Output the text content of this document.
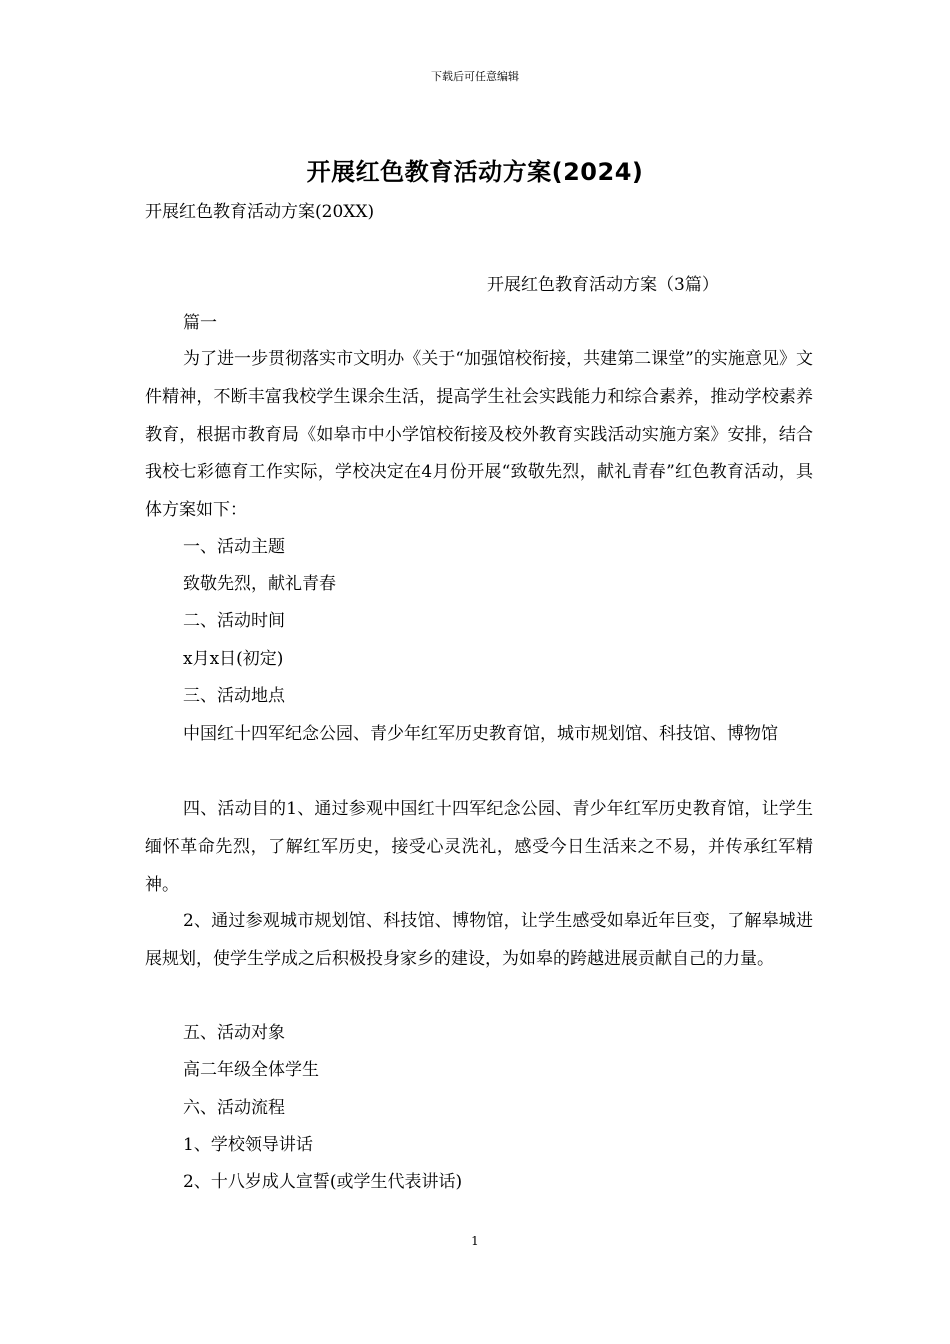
下载后可任意编辑
开展红色教育活动方案(2024)
开展红色教育活动方案(20XX)
开展红色教育活动方案（3篇）
篇一
为了进一步贯彻落实市文明办《关于“加强馆校衔接，共建第二课堂”的实施意见》文件精神，不断丰富我校学生课余生活，提高学生社会实践能力和综合素养，推动学校素养教育，根据市教育局《如皋市中小学馆校衔接及校外教育实践活动实施方案》安排，结合我校七彩德育工作实际，学校决定在4月份开展“致敬先烈，献礼青春”红色教育活动，具体方案如下：
一、活动主题
致敬先烈，献礼青春
二、活动时间
x月x日(初定)
三、活动地点
中国红十四军纪念公园、青少年红军历史教育馆，城市规划馆、科技馆、博物馆
四、活动目的1、通过参观中国红十四军纪念公园、青少年红军历史教育馆，让学生缅怀革命先烈，了解红军历史，接受心灵洗礼，感受今日生活来之不易，并传承红军精神。
2、通过参观城市规划馆、科技馆、博物馆，让学生感受如皋近年巨变，了解皋城进展规划，使学生学成之后积极投身家乡的建设，为如皋的跨越进展贡献自己的力量。
五、活动对象
高二年级全体学生
六、活动流程
1、学校领导讲话
2、十八岁成人宣誓(或学生代表讲话)
1
